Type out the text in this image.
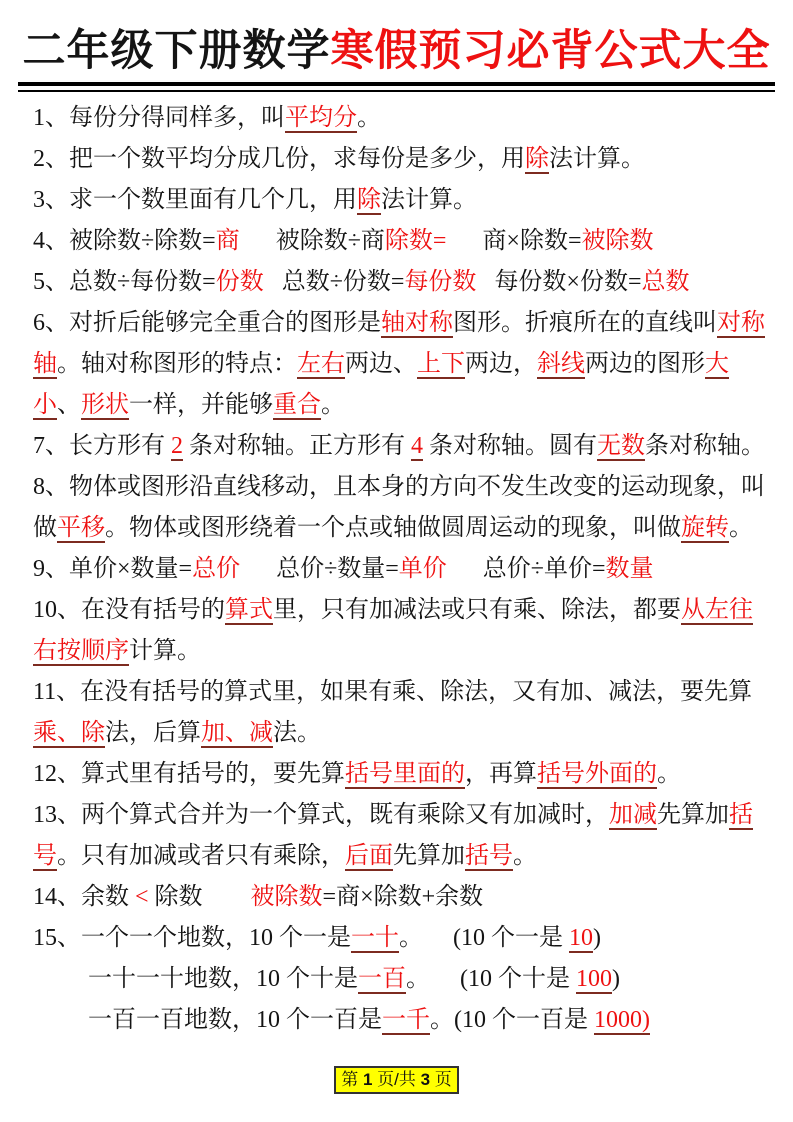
二年级下册数学寒假预习必背公式大全

1、每份分得同样多，叫平均分。

2、把一个数平均分成几份，求每份是多少，用除法计算。

3、求一个数里面有几个几，用除法计算。

4、被除数÷除数=商      被除数÷商除数=      商×除数=被除数

5、总数÷每份数=份数   总数÷份数=每份数   每份数×份数=总数

6、对折后能够完全重合的图形是轴对称图形。折痕所在的直线叫对称轴。轴对称图形的特点：左右两边、上下两边，斜线两边的图形大小、形状一样，并能够重合。

7、长方形有 2 条对称轴。正方形有 4 条对称轴。圆有无数条对称轴。

8、物体或图形沿直线移动，且本身的方向不发生改变的运动现象，叫做平移。物体或图形绕着一个点或轴做圆周运动的现象，叫做旋转。

9、单价×数量=总价      总价÷数量=单价      总价÷单价=数量

10、在没有括号的算式里，只有加减法或只有乘、除法，都要从左往右按顺序计算。

11、在没有括号的算式里，如果有乘、除法，又有加、减法，要先算乘、除法，后算加、减法。

12、算式里有括号的，要先算括号里面的，再算括号外面的。

13、两个算式合并为一个算式，既有乘除又有加减时，加减先算加括号。只有加减或者只有乘除，后面先算加括号。

14、余数 < 除数        被除数=商×除数+余数

15、一个一个地数，10 个一是一十。     (10 个一是 10)

一十一十地数，10 个十是一百。     (10 个十是 100)

一百一百地数，10 个一百是一千。(10 个一百是 1000)

第 1 页/共 3 页
